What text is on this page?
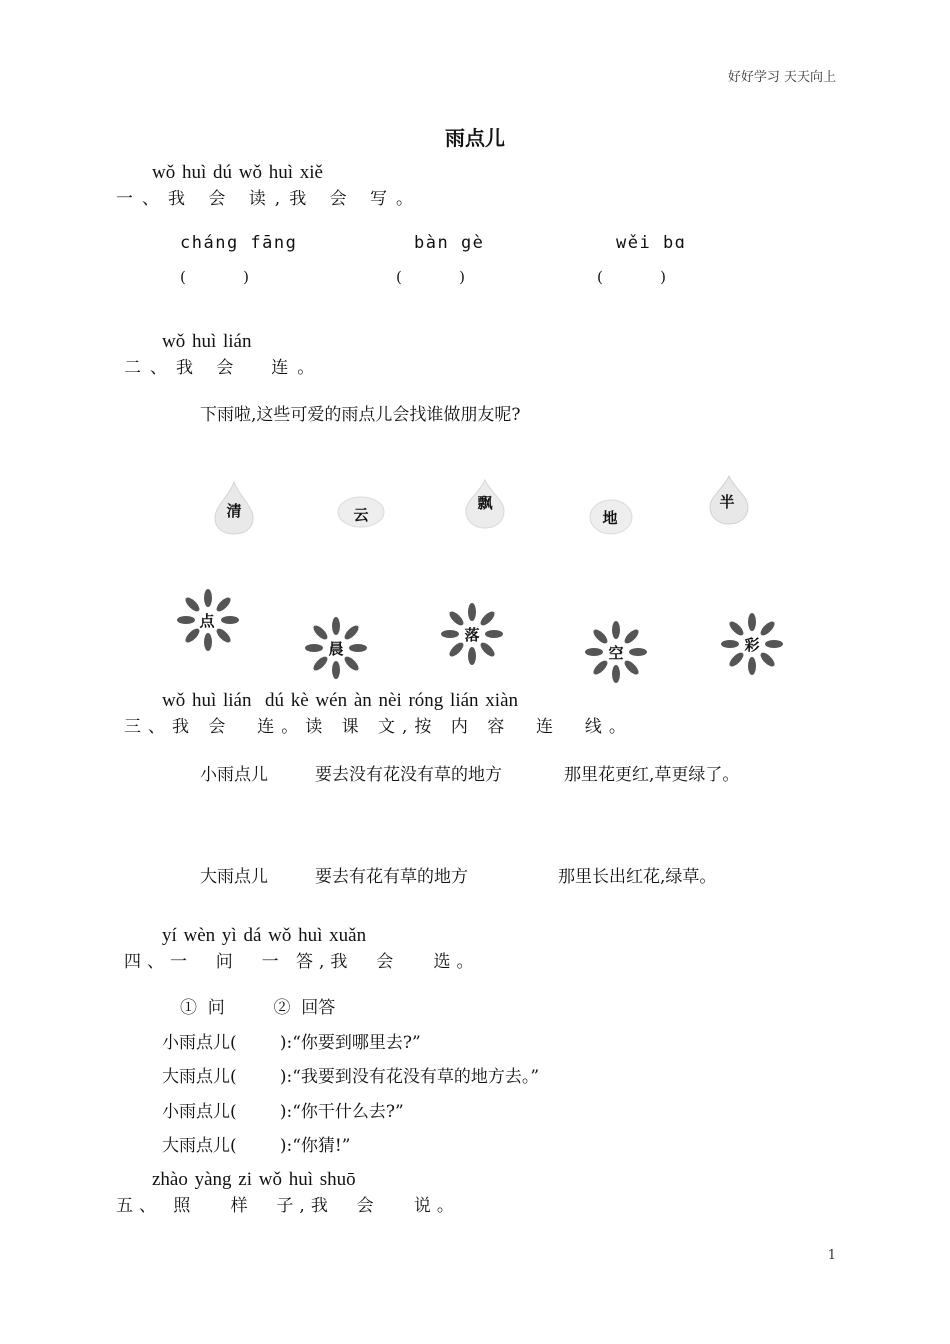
好好学习 天天向上
雨点儿
wǒ huì dú wǒ huì xiě
一、我 会 读,我 会 写。
cháng fāng	bàn gè	wěi bɑ
(            )	(            )	(            )
wǒ huì lián
二、我 会  连。
下雨啦,这些可爱的雨点儿会找谁做朋友呢?

清

	云

飘

地

半

点

晨

落

空

	彩

wǒ huì lián  dú kè wén àn nèi róng lián xiàn
三、我 会  连。读 课 文,按 内 容  连  线。
小雨点儿	要去没有花没有草的地方	那里花更红,草更绿了。
大雨点儿	要去有花有草的地方	那里长出红花,绿草。
yí wèn yì dá wǒ huì xuǎn
四、一  问  一 答,我  会   选。
①  问         ②  回答
小雨点儿(        ):“你要到哪里去?”
大雨点儿(        ):“我要到没有花没有草的地方去。”
小雨点儿(        ):“你干什么去?”
大雨点儿(        ):“你猜!”
zhào yàng zi wǒ huì shuō
五、 照   样  子,我  会   说。
1
